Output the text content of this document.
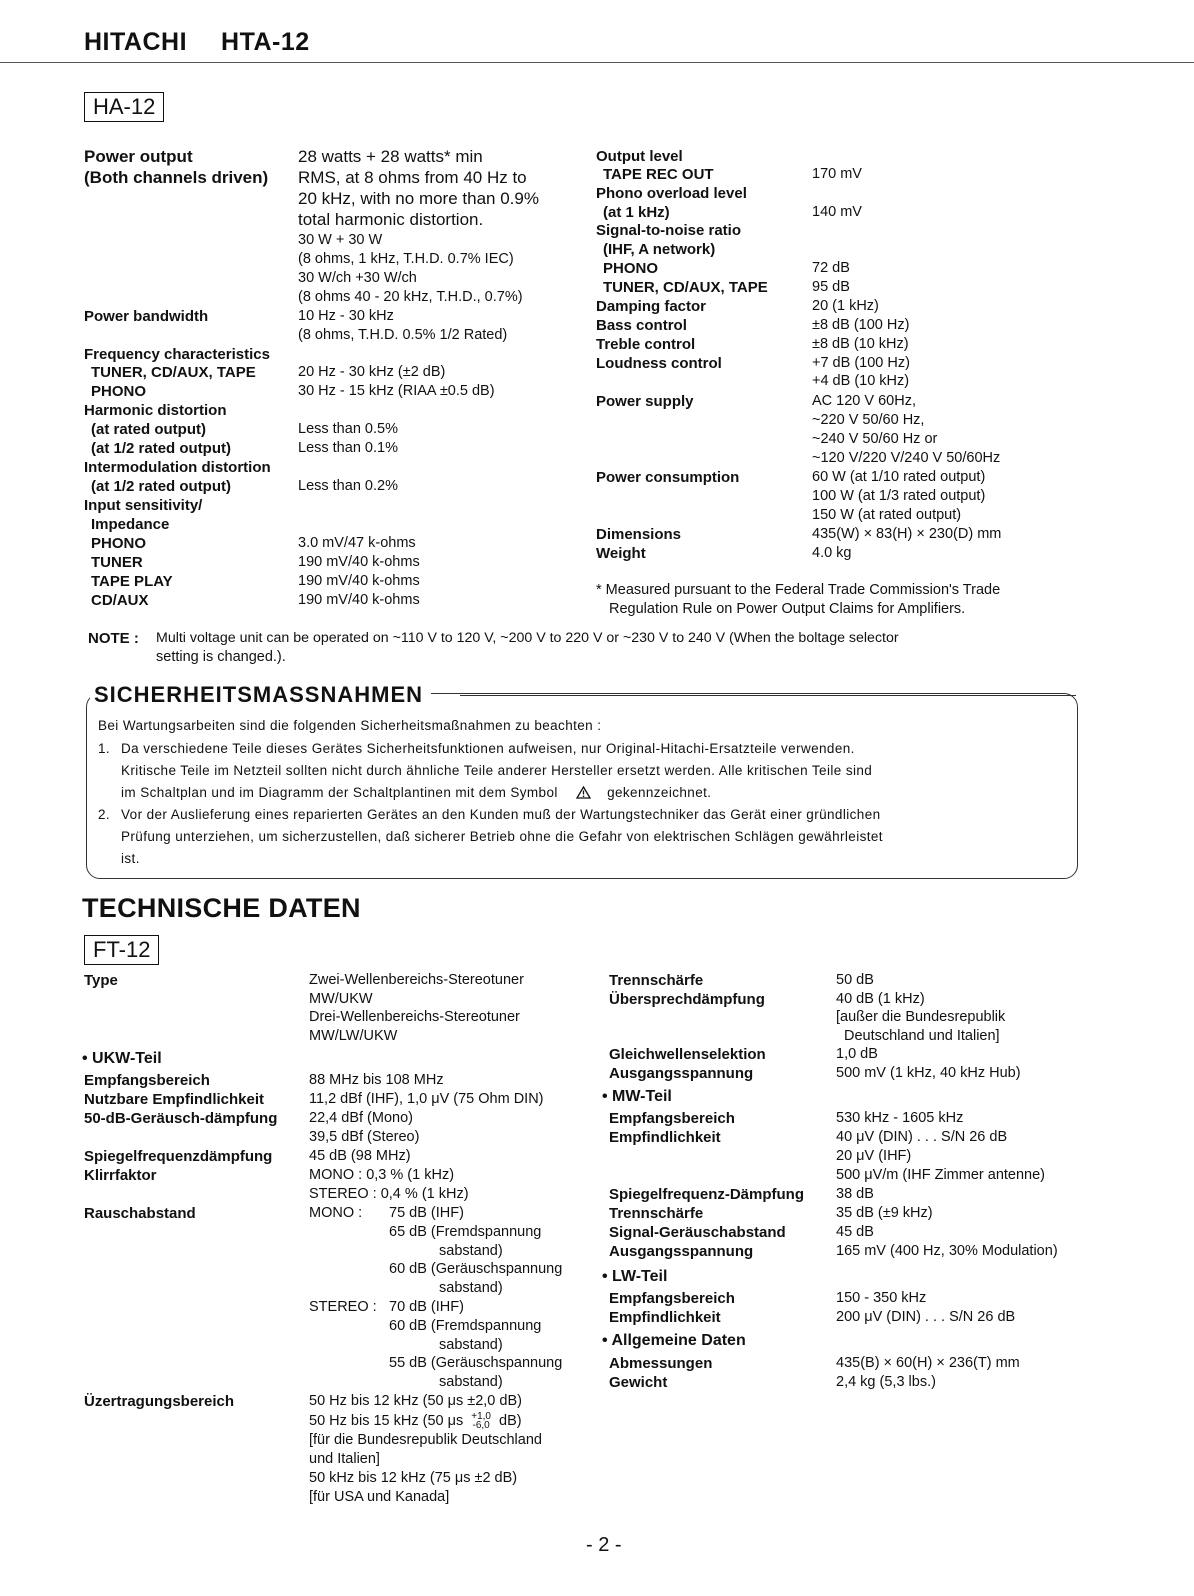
HITACHI HTA-12
HA-12
Power output
(Both channels driven)
28 watts + 28 watts* min
RMS, at 8 ohms from 40 Hz to
20 kHz, with no more than 0.9%
total harmonic distortion.
30 W + 30 W
(8 ohms, 1 kHz, T.H.D. 0.7% IEC)
30 W/ch +30 W/ch
(8 ohms 40 - 20 kHz, T.H.D., 0.7%)
Power bandwidth	10 Hz - 30 kHz
(8 ohms, T.H.D. 0.5% 1/2 Rated)
Frequency characteristics
TUNER, CD/AUX, TAPE	20 Hz - 30 kHz (±2 dB)
PHONO	30 Hz - 15 kHz (RIAA ±0.5 dB)
Harmonic distortion
(at rated output)	Less than 0.5%
(at 1/2 rated output)	Less than 0.1%
Intermodulation distortion
(at 1/2 rated output)	Less than 0.2%
Input sensitivity/
Impedance
PHONO	3.0 mV/47 k-ohms
TUNER	190 mV/40 k-ohms
TAPE PLAY	190 mV/40 k-ohms
CD/AUX	190 mV/40 k-ohms
Output level
TAPE REC OUT	170 mV
Phono overload level
(at 1 kHz)	140 mV
Signal-to-noise ratio
(IHF, A network)
PHONO	72 dB
TUNER, CD/AUX, TAPE	95 dB
Damping factor	20 (1 kHz)
Bass control	±8 dB (100 Hz)
Treble control	±8 dB (10 kHz)
Loudness control	+7 dB (100 Hz)
+4 dB (10 kHz)
Power supply	AC 120 V 60Hz,
~220 V 50/60 Hz,
~240 V 50/60 Hz or
~120 V/220 V/240 V 50/60Hz
Power consumption	60 W (at 1/10 rated output)
100 W (at 1/3 rated output)
150 W (at rated output)
Dimensions	435(W) × 83(H) × 230(D) mm
Weight	4.0 kg
* Measured pursuant to the Federal Trade Commission's Trade
Regulation Rule on Power Output Claims for Amplifiers.
NOTE : Multi voltage unit can be operated on ~110 V to 120 V, ~200 V to 220 V or ~230 V to 240 V (When the boltage selector
setting is changed.).
SICHERHEITSMASSNAHMEN
Bei Wartungsarbeiten sind die folgenden Sicherheitsmaßnahmen zu beachten :
1. Da verschiedene Teile dieses Gerätes Sicherheitsfunktionen aufweisen, nur Original-Hitachi-Ersatzteile verwenden.
Kritische Teile im Netzteil sollten nicht durch ähnliche Teile anderer Hersteller ersetzt werden. Alle kritischen Teile sind
im Schaltplan und im Diagramm der Schaltplantinen mit dem Symbol	gekennzeichnet.
2. Vor der Auslieferung eines reparierten Gerätes an den Kunden muß der Wartungstechniker das Gerät einer gründlichen
Prüfung unterziehen, um sicherzustellen, daß sicherer Betrieb ohne die Gefahr von elektrischen Schlägen gewährleistet
ist.
TECHNISCHE DATEN
FT-12
Type	Zwei-Wellenbereichs-Stereotuner
MW/UKW
Drei-Wellenbereichs-Stereotuner
MW/LW/UKW
• UKW-Teil
Empfangsbereich	88 MHz bis 108 MHz
Nutzbare Empfindlichkeit	11,2 dBf (IHF), 1,0 μV (75 Ohm DIN)
50-dB-Geräusch-dämpfung 22,4 dBf (Mono)
39,5 dBf (Stereo)
Spiegelfrequenzdämpfung	45 dB (98 MHz)
Klirrfaktor	MONO : 0,3 % (1 kHz)
STEREO : 0,4 % (1 kHz)
Rauschabstand	MONO : 75 dB (IHF)
65 dB (Fremdspannung
sabstand)
60 dB (Geräuschspannung
sabstand)
STEREO : 70 dB (IHF)
60 dB (Fremdspannung
sabstand)
55 dB (Geräuschspannung
sabstand)
Üzertragungsbereich	50 Hz bis 12 kHz (50 μs ±2,0 dB)
50 Hz bis 15 kHz (50 μs +1,0
-6,0 dB)
[für die Bundesrepublik Deutschland
und Italien]
50 kHz bis 12 kHz (75 μs ±2 dB)
[für USA und Kanada]
Trennschärfe	50 dB
Übersprechdämpfung	40 dB (1 kHz)
[außer die Bundesrepublik
Deutschland und Italien]
Gleichwellenselektion	1,0 dB
Ausgangsspannung	500 mV (1 kHz, 40 kHz Hub)
• MW-Teil
Empfangsbereich	530 kHz - 1605 kHz
Empfindlichkeit	40 μV (DIN) . . . S/N 26 dB
20 μV (IHF)
500 μV/m (IHF Zimmer antenne)
Spiegelfrequenz-Dämpfung 38 dB
Trennschärfe	35 dB (±9 kHz)
Signal-Geräuschabstand	45 dB
Ausgangsspannung	165 mV (400 Hz, 30% Modulation)
• LW-Teil
Empfangsbereich	150 - 350 kHz
Empfindlichkeit	200 μV (DIN) . . . S/N 26 dB
• Allgemeine Daten
Abmessungen	435(B) × 60(H) × 236(T) mm
Gewicht	2,4 kg (5,3 lbs.)
- 2 -
